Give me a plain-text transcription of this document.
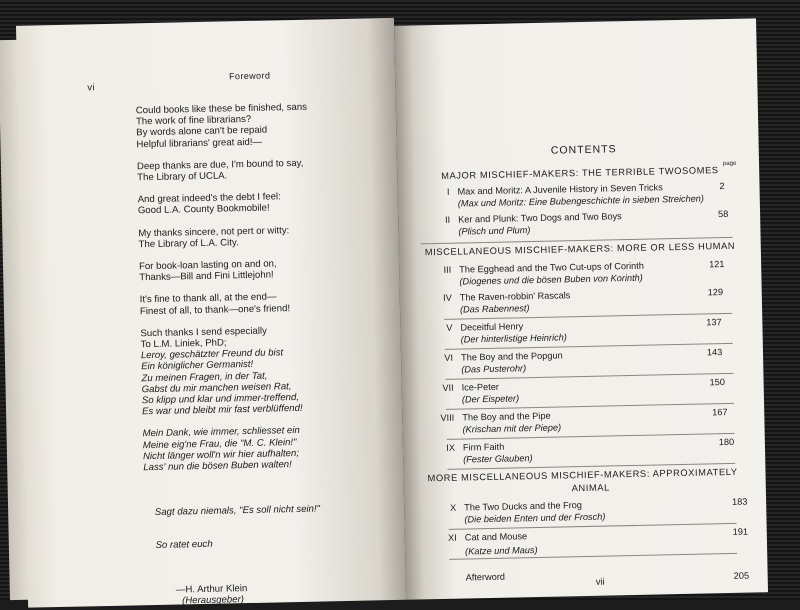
vi
Foreword
Could books like these be finished, sans
The work of fine librarians?
By words alone can't be repaid
Helpful librarians' great aid!—
Deep thanks are due, I'm bound to say,
The Library of UCLA.
And great indeed's the debt I feel:
Good L.A. County Bookmobile!
My thanks sincere, not pert or witty:
The Library of L.A. City.
For book-loan lasting on and on,
Thanks—Bill and Fini Littlejohn!
It's fine to thank all, at the end—
Finest of all, to thank—one's friend!
Such thanks I send especially
To L.M. Liniek, PhD;
Leroy, geschätzter Freund du bist
Ein königlicher Germanist!
Zu meinen Fragen, in der Tat,
Gabst du mir manchen weisen Rat,
So klipp und klar und immer-treffend,
Es war und bleibt mir fast verblüffend!
Mein Dank, wie immer, schliesset ein
Meine eig'ne Frau, die "M. C. Klein!"
Nicht länger woll'n wir hier aufhalten;
Lass' nun die bösen Buben walten!

Sagt dazu niemals, "Es soll nicht sein!"

So ratet euch

—H. Arthur Klein
(Herausgeber)
CONTENTS
page
MAJOR MISCHIEF-MAKERS: THE TERRIBLE TWOSOMES
I Max and Moritz: A Juvenile History in Seven Tricks
(Max und Moritz: Eine Bubengeschichte in sieben Streichen)
2
II Ker and Plunk: Two Dogs and Two Boys
(Plisch und Plum)
58
MISCELLANEOUS MISCHIEF-MAKERS: MORE OR LESS HUMAN
III The Egghead and the Two Cut-ups of Corinth
(Diogenes und die bösen Buben von Korinth)
121
IV The Raven-robbin' Rascals
(Das Rabennest)
129
V Deceitful Henry
(Der hinterlistige Heinrich)
137
VI The Boy and the Popgun
(Das Pusterohr)
143
VII Ice-Peter
(Der Eispeter)
150
VIII The Boy and the Pipe
(Krischan mit der Piepe)
167
IX Firm Faith
(Fester Glauben)
180
MORE MISCELLANEOUS MISCHIEF-MAKERS: APPROXIMATELY
ANIMAL
X The Two Ducks and the Frog
(Die beiden Enten und der Frosch)
183
XI Cat and Mouse
(Katze und Maus)
191
Afterword	205
vii
